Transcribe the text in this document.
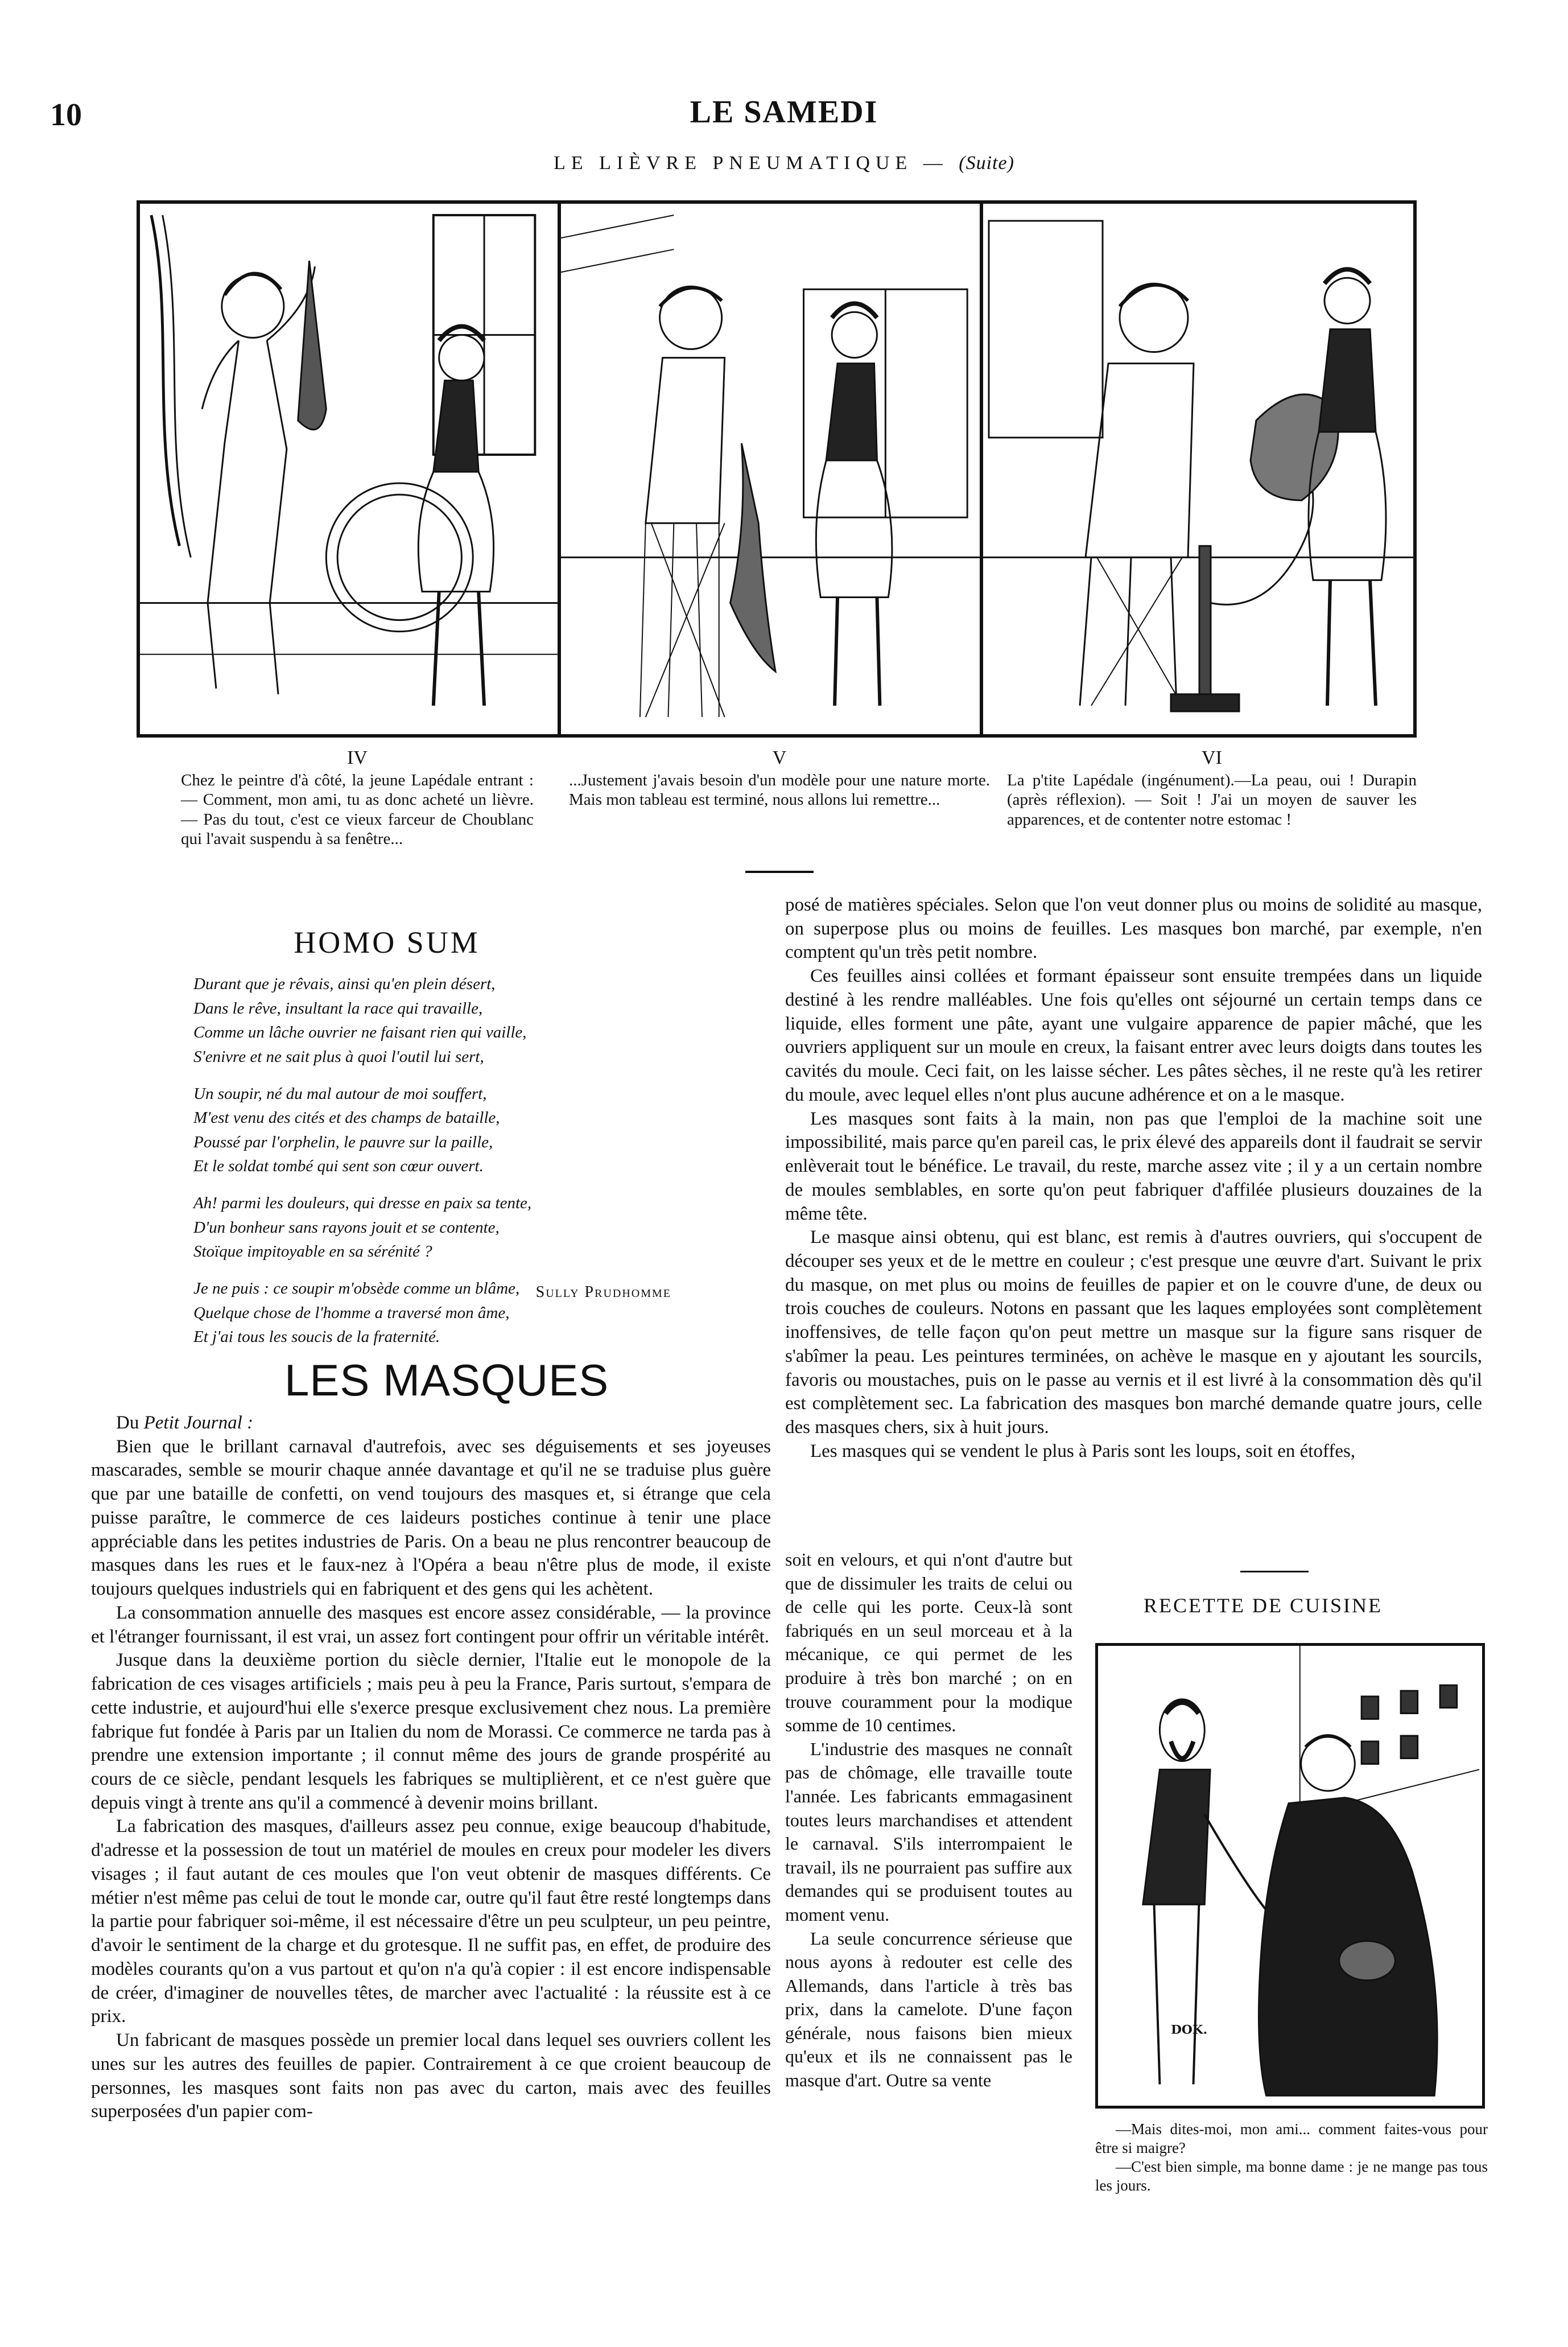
10	LE SAMEDI
LE LIÈVRE PNEUMATIQUE — (Suite)
IV
Chez le peintre d'à côté, la jeune Lapédale entrant : — Comment, mon ami, tu as donc acheté un lièvre. — Pas du tout, c'est ce vieux farceur de Choublanc qui l'avait suspendu à sa fenêtre...
V
...Justement j'avais besoin d'un modèle pour une nature morte. Mais mon tableau est terminé, nous allons lui remettre...
VI
La p'tite Lapédale (ingénument).—La peau, oui ! Durapin (après réflexion). — Soit ! J'ai un moyen de sauver les apparences, et de contenter notre estomac !
HOMO SUM
Durant que je rêvais, ainsi qu'en plein désert,
Dans le rêve, insultant la race qui travaille,
Comme un lâche ouvrier ne faisant rien qui vaille,
S'enivre et ne sait plus à quoi l'outil lui sert,
Un soupir, né du mal autour de moi souffert,
M'est venu des cités et des champs de bataille,
Poussé par l'orphelin, le pauvre sur la paille,
Et le soldat tombé qui sent son cœur ouvert.
Ah! parmi les douleurs, qui dresse en paix sa tente,
D'un bonheur sans rayons jouit et se contente,
Stoïque impitoyable en sa sérénité ?
Je ne puis : ce soupir m'obsède comme un blâme,
Quelque chose de l'homme a traversé mon âme,
Et j'ai tous les soucis de la fraternité.
Sully Prudhomme
LES MASQUES

Du Petit Journal :

Bien que le brillant carnaval d'autrefois, avec ses déguisements et ses joyeuses mascarades, semble se mourir chaque année davantage et qu'il ne se traduise plus guère que par une bataille de confetti, on vend toujours des masques et, si étrange que cela puisse paraître, le commerce de ces laideurs postiches continue à tenir une place appréciable dans les petites industries de Paris. On a beau ne plus rencontrer beaucoup de masques dans les rues et le faux-nez à l'Opéra a beau n'être plus de mode, il existe toujours quelques industriels qui en fabriquent et des gens qui les achètent.

La consommation annuelle des masques est encore assez considérable, — la province et l'étranger fournissant, il est vrai, un assez fort contingent pour offrir un véritable intérêt.

Jusque dans la deuxième portion du siècle dernier, l'Italie eut le monopole de la fabrication de ces visages artificiels ; mais peu à peu la France, Paris surtout, s'empara de cette industrie, et aujourd'hui elle s'exerce presque exclusivement chez nous. La première fabrique fut fondée à Paris par un Italien du nom de Morassi. Ce commerce ne tarda pas à prendre une extension importante ; il connut même des jours de grande prospérité au cours de ce siècle, pendant lesquels les fabriques se multiplièrent, et ce n'est guère que depuis vingt à trente ans qu'il a commencé à devenir moins brillant.

La fabrication des masques, d'ailleurs assez peu connue, exige beaucoup d'habitude, d'adresse et la possession de tout un matériel de moules en creux pour modeler les divers visages ; il faut autant de ces moules que l'on veut obtenir de masques différents. Ce métier n'est même pas celui de tout le monde car, outre qu'il faut être resté longtemps dans la partie pour fabriquer soi-même, il est nécessaire d'être un peu sculpteur, un peu peintre, d'avoir le sentiment de la charge et du grotesque. Il ne suffit pas, en effet, de produire des modèles courants qu'on a vus partout et qu'on n'a qu'à copier : il est encore indispensable de créer, d'imaginer de nouvelles têtes, de marcher avec l'actualité : la réussite est à ce prix.

Un fabricant de masques possède un premier local dans lequel ses ouvriers collent les unes sur les autres des feuilles de papier. Contrairement à ce que croient beaucoup de personnes, les masques sont faits non pas avec du carton, mais avec des feuilles superposées d'un papier com-

posé de matières spéciales. Selon que l'on veut donner plus ou moins de solidité au masque, on superpose plus ou moins de feuilles. Les masques bon marché, par exemple, n'en comptent qu'un très petit nombre.

Ces feuilles ainsi collées et formant épaisseur sont ensuite trempées dans un liquide destiné à les rendre malléables. Une fois qu'elles ont séjourné un certain temps dans ce liquide, elles forment une pâte, ayant une vulgaire apparence de papier mâché, que les ouvriers appliquent sur un moule en creux, la faisant entrer avec leurs doigts dans toutes les cavités du moule. Ceci fait, on les laisse sécher. Les pâtes sèches, il ne reste qu'à les retirer du moule, avec lequel elles n'ont plus aucune adhérence et on a le masque.

Les masques sont faits à la main, non pas que l'emploi de la machine soit une impossibilité, mais parce qu'en pareil cas, le prix élevé des appareils dont il faudrait se servir enlèverait tout le bénéfice. Le travail, du reste, marche assez vite ; il y a un certain nombre de moules semblables, en sorte qu'on peut fabriquer d'affilée plusieurs douzaines de la même tête.

Le masque ainsi obtenu, qui est blanc, est remis à d'autres ouvriers, qui s'occupent de découper ses yeux et de le mettre en couleur ; c'est presque une œuvre d'art. Suivant le prix du masque, on met plus ou moins de feuilles de papier et on le couvre d'une, de deux ou trois couches de couleurs. Notons en passant que les laques employées sont complètement inoffensives, de telle façon qu'on peut mettre un masque sur la figure sans risquer de s'abîmer la peau. Les peintures terminées, on achève le masque en y ajoutant les sourcils, favoris ou moustaches, puis on le passe au vernis et il est livré à la consommation dès qu'il est complètement sec. La fabrication des masques bon marché demande quatre jours, celle des masques chers, six à huit jours.

Les masques qui se vendent le plus à Paris sont les loups, soit en étoffes,

soit en velours, et qui n'ont d'autre but que de dissimuler les traits de celui ou de celle qui les porte. Ceux-là sont fabriqués en un seul morceau et à la mécanique, ce qui permet de les produire à très bon marché ; on en trouve couramment pour la modique somme de 10 centimes.

L'industrie des masques ne connaît pas de chômage, elle travaille toute l'année. Les fabricants emmagasinent toutes leurs marchandises et attendent le carnaval. S'ils interrompaient le travail, ils ne pourraient pas suffire aux demandes qui se produisent toutes au moment venu.

La seule concurrence sérieuse que nous ayons à redouter est celle des Allemands, dans l'article à très bas prix, dans la camelote. D'une façon générale, nous faisons bien mieux qu'eux et ils ne connaissent pas le masque d'art. Outre sa vente

RECETTE DE CUISINE
DOK.

—Mais dites-moi, mon ami... comment faites-vous pour être si maigre?

—C'est bien simple, ma bonne dame : je ne mange pas tous les jours.
